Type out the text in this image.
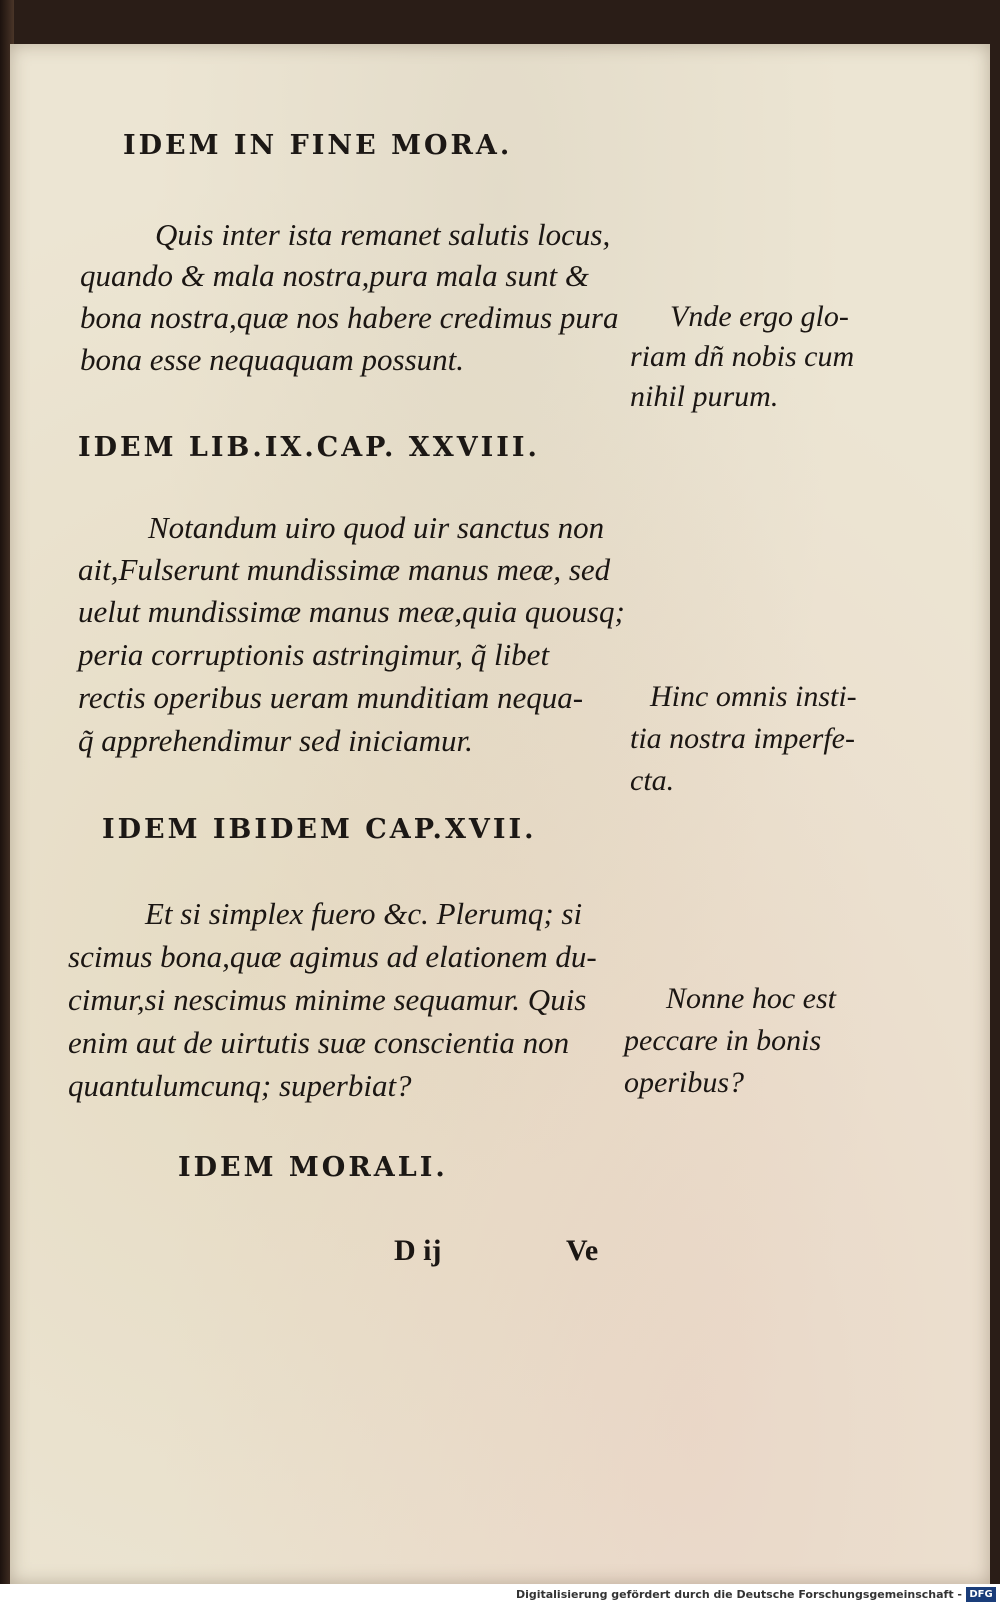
IDEM IN FINE MORA.
Quis inter ista remanet salutis locus,
quando & mala nostra,pura mala sunt &
bona nostra,quæ nos habere credimus pura
bona esse nequaquam possunt.
Vnde ergo glo-
riam dñ nobis cum
nihil purum.
IDEM LIB.IX.CAP. XXVIII.
Notandum uiro quod uir sanctus non
ait,Fulserunt mundissimæ manus meæ, sed
uelut mundissimæ manus meæ,quia quousq;
peria corruptionis astringimur, q̃ libet
rectis operibus ueram munditiam nequa-
q̃ apprehendimur sed iniciamur.
Hinc omnis insti-
tia nostra imperfe-
cta.
IDEM IBIDEM CAP.XVII.
Et si simplex fuero &c. Plerumq; si
scimus bona,quæ agimus ad elationem du-
cimur,si nescimus minime sequamur. Quis
enim aut de uirtutis suæ conscientia non
quantulumcunq; superbiat?
Nonne hoc est
peccare in bonis
operibus?
IDEM MORALI.
D ij	Ve
Digitalisierung gefördert durch die Deutsche Forschungsgemeinschaft - DFG
